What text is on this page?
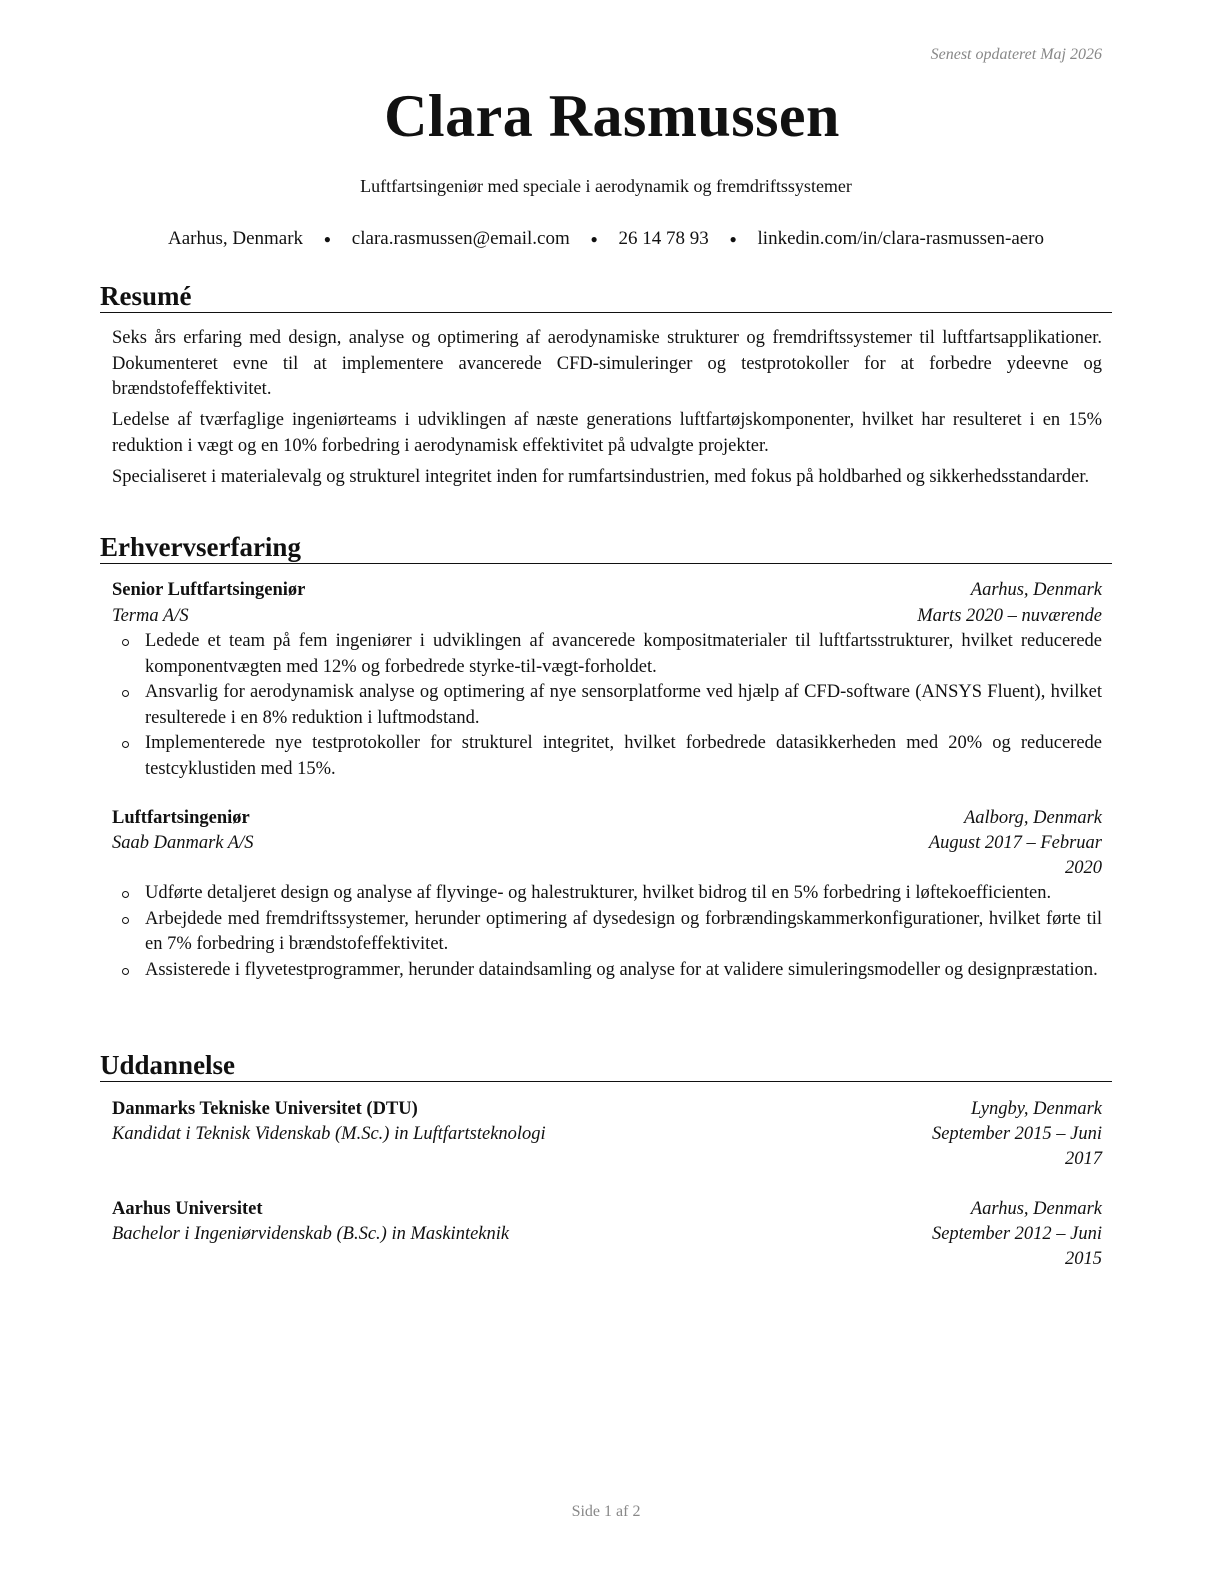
Senest opdateret Maj 2026
Clara Rasmussen
Luftfartsingeniør med speciale i aerodynamik og fremdriftssystemer
Aarhus, Denmark ● clara.rasmussen@email.com ● 26 14 78 93 ● linkedin.com/in/clara-rasmussen-aero
Resumé

Seks års erfaring med design, analyse og optimering af aerodynamiske strukturer og fremdriftssystemer til luftfartsapplikationer. Dokumenteret evne til at implementere avancerede CFD-simuleringer og testprotokoller for at forbedre ydeevne og brændstofeffektivitet.

Ledelse af tværfaglige ingeniørteams i udviklingen af næste generations luftfartøjskomponenter, hvilket har resulteret i en 15% reduktion i vægt og en 10% forbedring i aerodynamisk effektivitet på udvalgte projekter.

Specialiseret i materialevalg og strukturel integritet inden for rumfartsindustrien, med fokus på holdbarhed og sikkerhedsstandarder.

Erhvervserfaring
Senior Luftfartsingeniør	Aarhus, Denmark
Terma A/S	Marts 2020 – nuværende
Ledede et team på fem ingeniører i udviklingen af avancerede kompositmaterialer til luftfartsstrukturer, hvilket reducerede komponentvægten med 12% og forbedrede styrke-til-vægt-forholdet.
Ansvarlig for aerodynamisk analyse og optimering af nye sensorplatforme ved hjælp af CFD-software (ANSYS Fluent), hvilket resulterede i en 8% reduktion i luftmodstand.
Implementerede nye testprotokoller for strukturel integritet, hvilket forbedrede datasikkerheden med 20% og reducerede testcyklustiden med 15%.
Luftfartsingeniør	Aalborg, Denmark
Saab Danmark A/S	August 2017 – Februar
2020
Udførte detaljeret design og analyse af flyvinge- og halestrukturer, hvilket bidrog til en 5% forbedring i løftekoefficienten.
Arbejdede med fremdriftssystemer, herunder optimering af dysedesign og forbrændingskammerkonfigurationer, hvilket førte til en 7% forbedring i brændstofeffektivitet.
Assisterede i flyvetestprogrammer, herunder dataindsamling og analyse for at validere simuleringsmodeller og designpræstation.
Uddannelse
Danmarks Tekniske Universitet (DTU)	Lyngby, Denmark
Kandidat i Teknisk Videnskab (M.Sc.) in Luftfartsteknologi	September 2015 – Juni
2017
Aarhus Universitet	Aarhus, Denmark
Bachelor i Ingeniørvidenskab (B.Sc.) in Maskinteknik	September 2012 – Juni
2015
Side 1 af 2
